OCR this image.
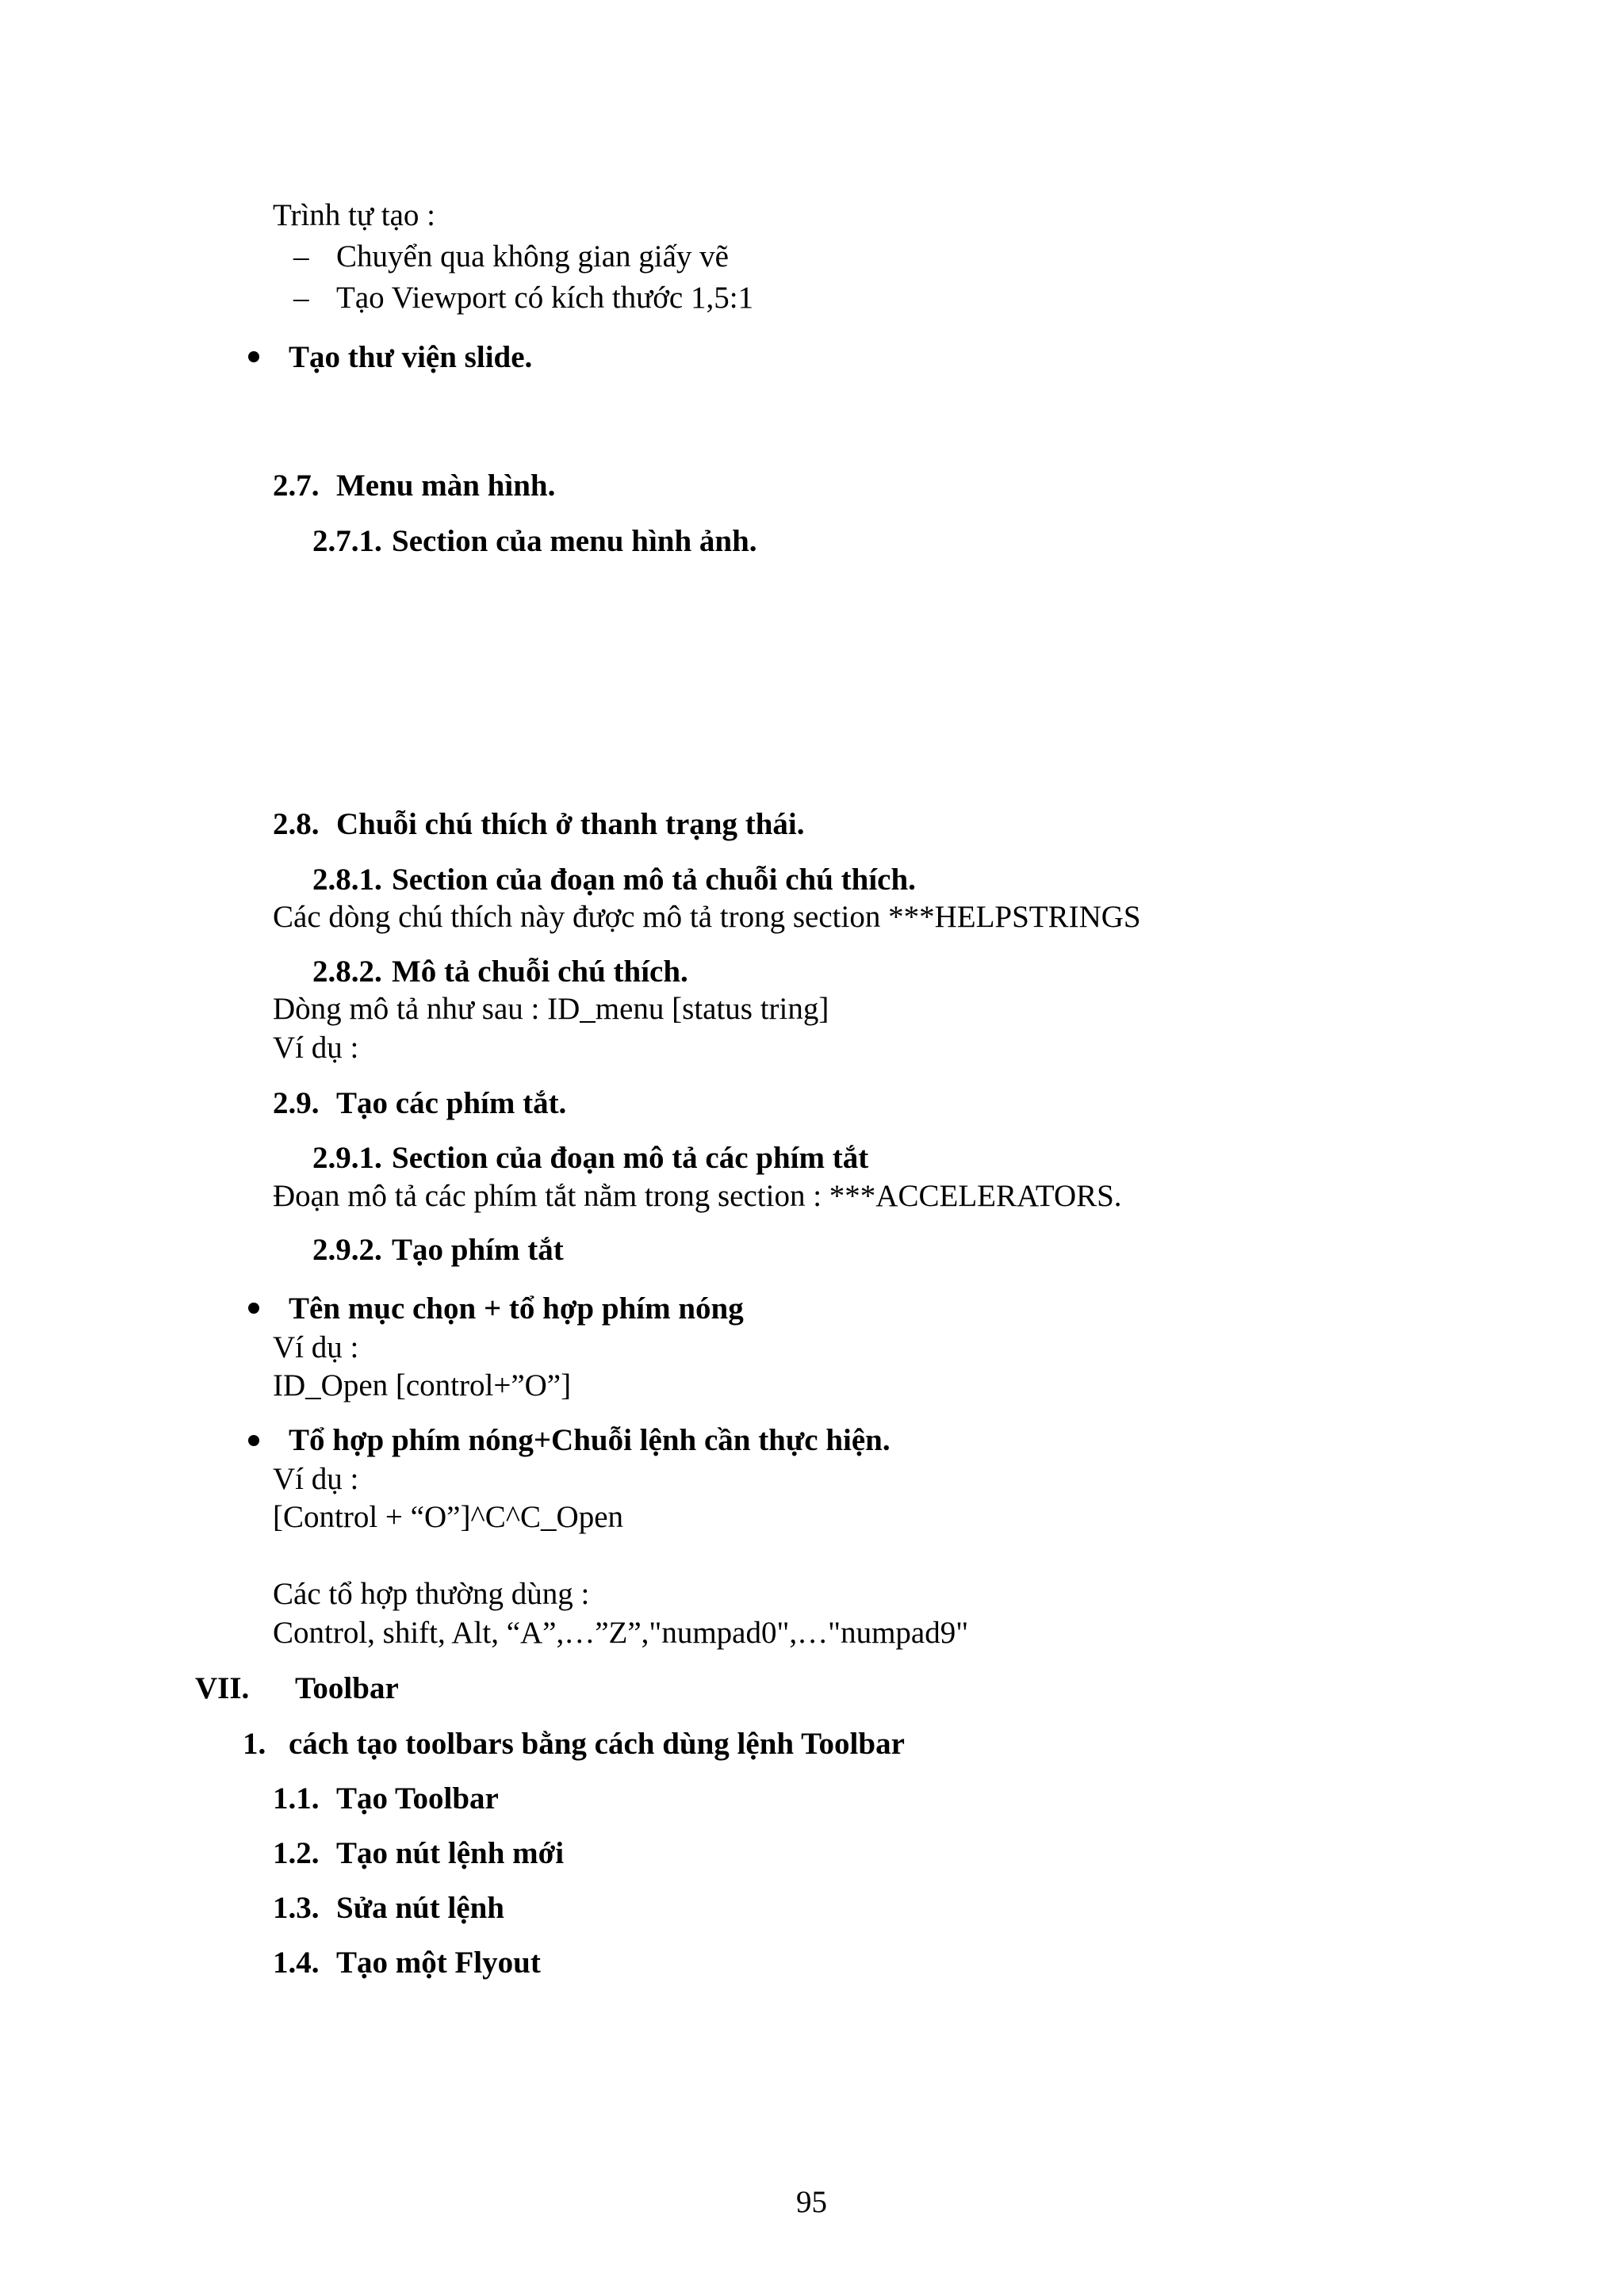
Trình tự tạo :
– Chuyển qua không gian giấy vẽ
– Tạo Viewport có kích thước 1,5:1
Tạo thư viện slide.
2.7. Menu màn hình.
2.7.1. Section của menu hình ảnh.
2.8. Chuỗi chú thích ở thanh trạng thái.
2.8.1. Section của đoạn mô tả chuỗi chú thích.
Các dòng chú thích này được mô tả trong section ***HELPSTRINGS
2.8.2. Mô tả chuỗi chú thích.
Dòng mô tả như sau : ID_menu [status tring]
Ví dụ :
2.9. Tạo các phím tắt.
2.9.1. Section của đoạn mô tả các phím tắt
Đoạn mô tả các phím tắt nằm trong section : ***ACCELERATORS.
2.9.2. Tạo phím tắt
Tên mục chọn + tổ hợp phím nóng
Ví dụ :
ID_Open [control+”O”]
Tổ hợp phím nóng+Chuỗi lệnh cần thực hiện.
Ví dụ :
[Control + “O”]^C^C_Open
Các tổ hợp thường dùng :
Control, shift, Alt, “A”,…”Z”,"numpad0",…"numpad9"
VII. Toolbar
1. cách tạo toolbars bằng cách dùng lệnh Toolbar
1.1. Tạo Toolbar
1.2. Tạo nút lệnh mới
1.3. Sửa nút lệnh
1.4. Tạo một Flyout
95
